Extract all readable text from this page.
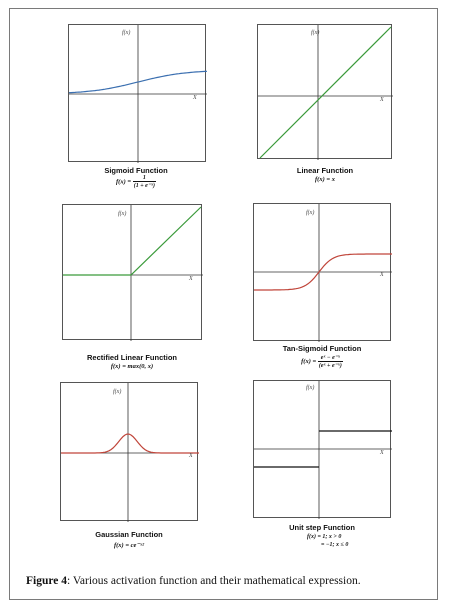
f(x)
X
Sigmoid Function
$f(x) = \frac{1}{\text{(1 + e⁻ˣ)}}$
f(x)
X
Linear Function
f(x) = x
f(x)
X
Rectified Linear Function
f(x) = max(0, x)
f(x)
X
Tan-Sigmoid Function
$f(x) = \frac{\text{eˣ − e⁻ˣ}}{\text{(eˣ + e⁻ˣ)}}$
f(x)
X
Gaussian Function
f(x) = ce⁻ˣ²
f(x)
X
Unit step Function
f(x) = 1; x > 0
= −1; x ≤ 0
Figure 4: Various activation function and their mathematical expression.
